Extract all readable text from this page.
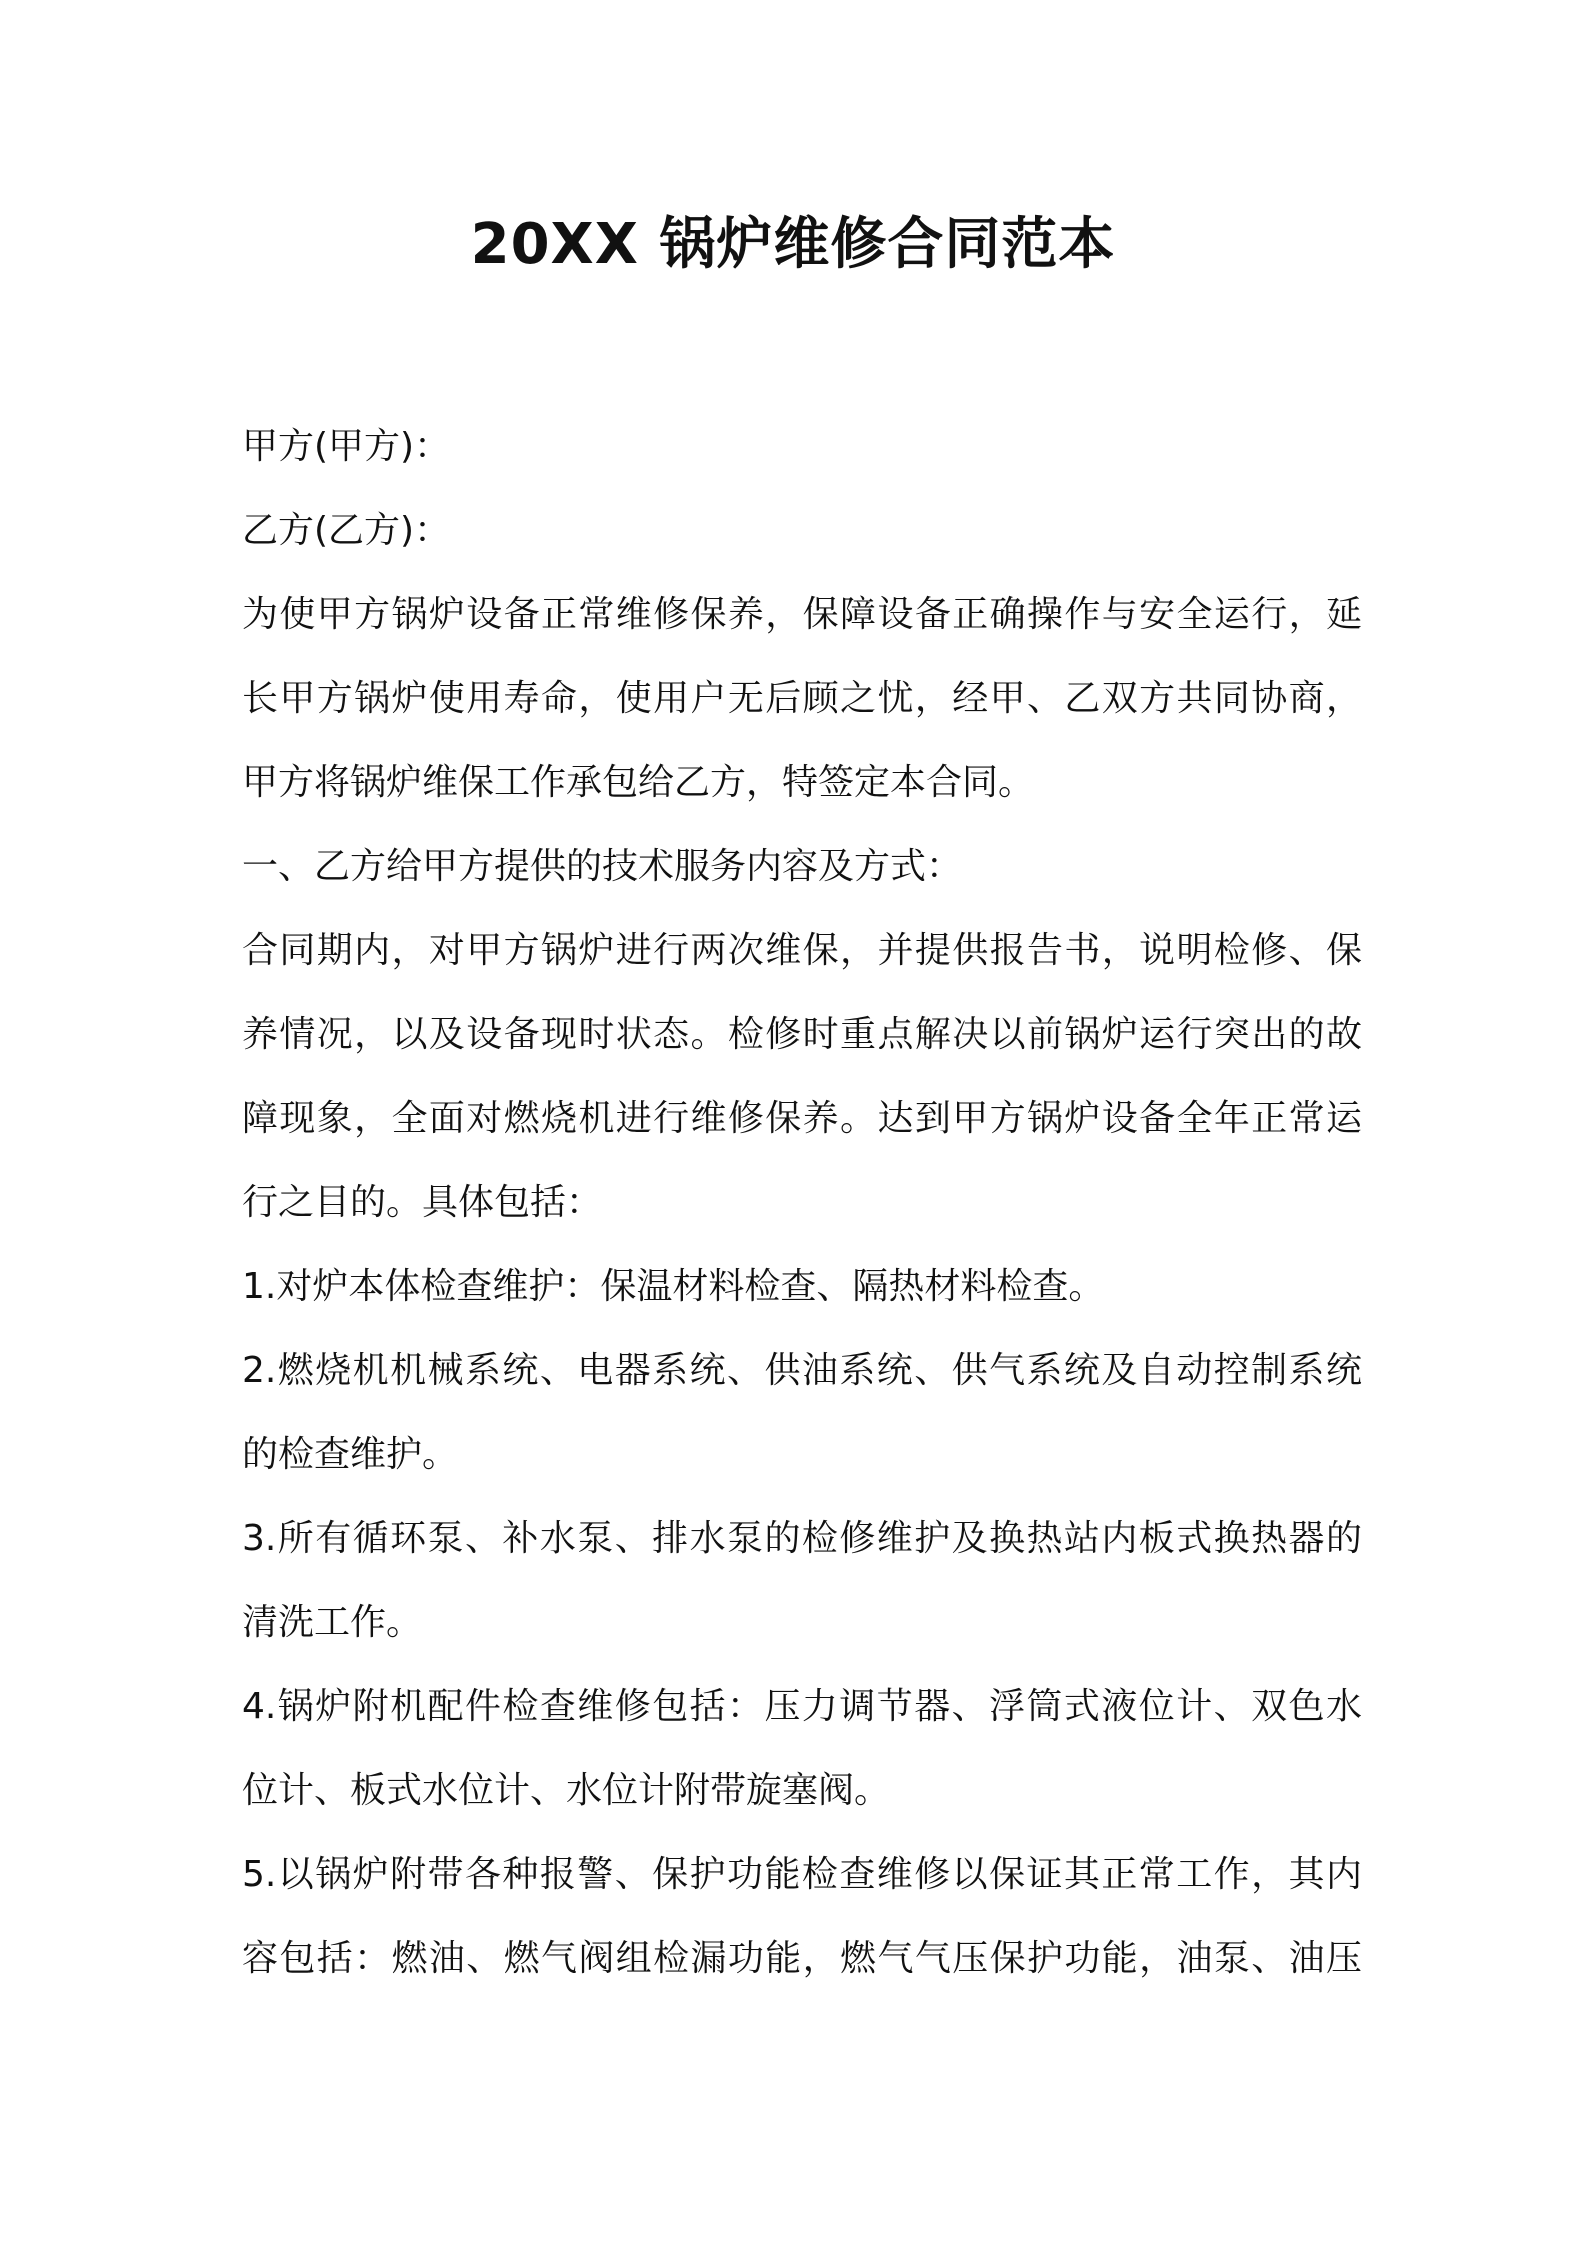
20XX 锅炉维修合同范本
甲方(甲方)：
乙方(乙方)：
为使甲方锅炉设备正常维修保养，保障设备正确操作与安全运行，延
长甲方锅炉使用寿命，使用户无后顾之忧，经甲、乙双方共同协商，
甲方将锅炉维保工作承包给乙方，特签定本合同。
一、乙方给甲方提供的技术服务内容及方式：
合同期内，对甲方锅炉进行两次维保，并提供报告书，说明检修、保
养情况，以及设备现时状态。检修时重点解决以前锅炉运行突出的故
障现象，全面对燃烧机进行维修保养。达到甲方锅炉设备全年正常运
行之目的。具体包括：
1.对炉本体检查维护：保温材料检查、隔热材料检查。
2.燃烧机机械系统、电器系统、供油系统、供气系统及自动控制系统
的检查维护。
3.所有循环泵、补水泵、排水泵的检修维护及换热站内板式换热器的
清洗工作。
4.锅炉附机配件检查维修包括：压力调节器、浮筒式液位计、双色水
位计、板式水位计、水位计附带旋塞阀。
5.以锅炉附带各种报警、保护功能检查维修以保证其正常工作，其内
容包括：燃油、燃气阀组检漏功能，燃气气压保护功能，油泵、油压
